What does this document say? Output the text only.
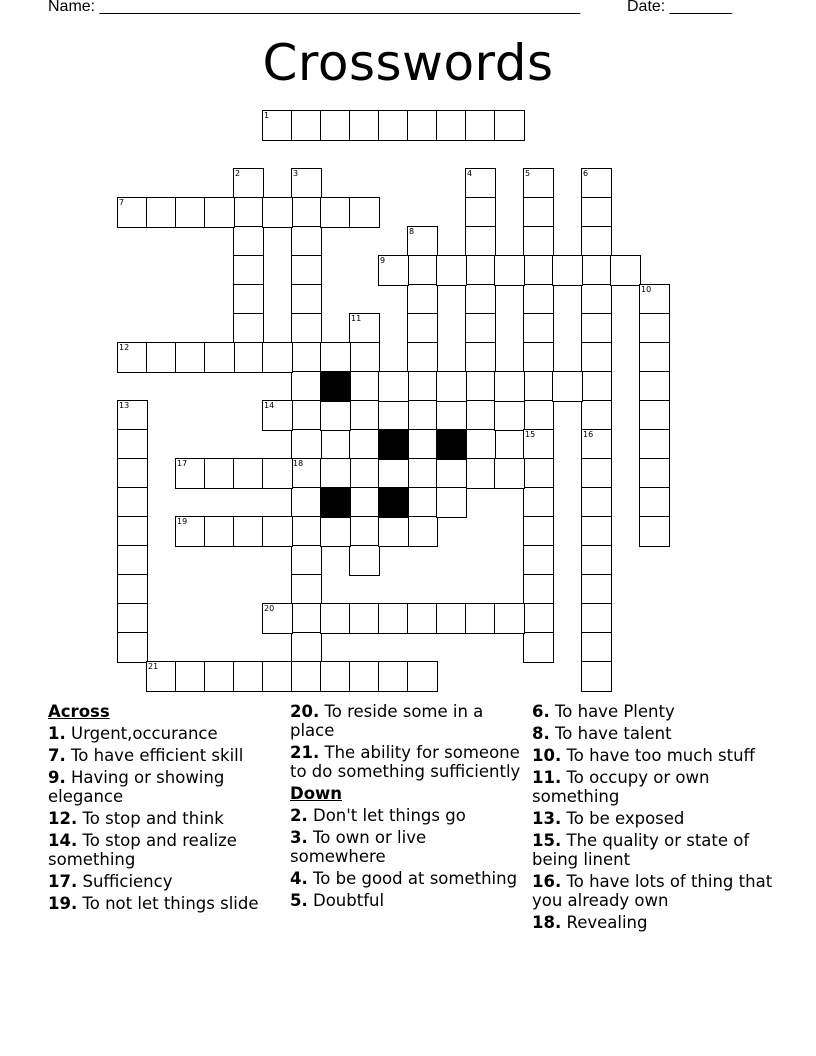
Name: ______________________________________________________	Date: _______
Crosswords
1
2	3
18
4	5	6
7
8
9
10
11
12
13	14
15	16
17
19
20
21
Across
1. Urgent,occurance
7. To have efficient skill
9. Having or showing elegance
12. To stop and think
14. To stop and realize something
17. Sufficiency
19. To not let things slide
20. To reside some in a place
21. The ability for someone to do something sufficiently
Down
2. Don't let things go
3. To own or live somewhere
4. To be good at something
5. Doubtful
6. To have Plenty
8. To have talent
10. To have too much stuff
11. To occupy or own something
13. To be exposed
15. The quality or state of being linent
16. To have lots of thing that you already own
18. Revealing
